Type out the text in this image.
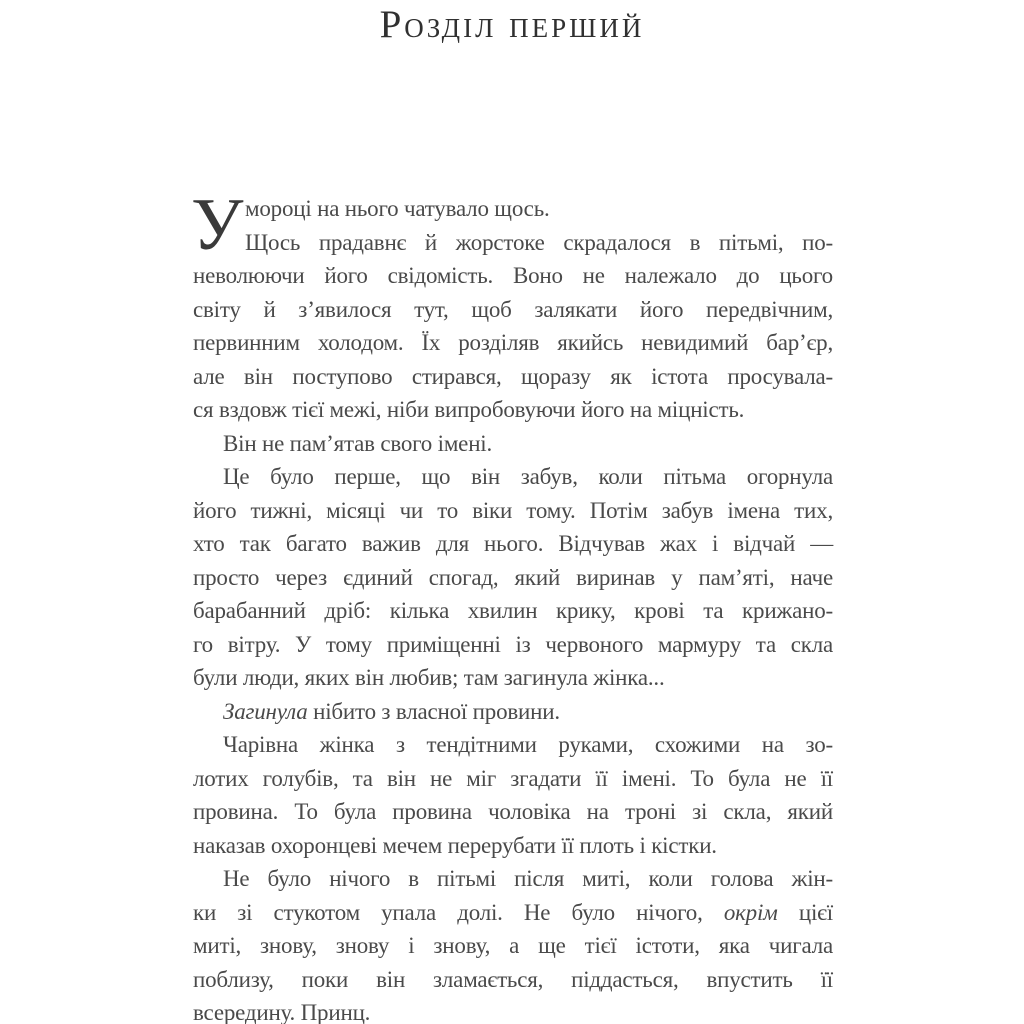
Розділ перший
У мороці на нього чатувало щось.
Щось прадавнє й жорстоке скрадалося в пітьмі, по-
неволюючи його свідомість. Воно не належало до цього
світу й з’явилося тут, щоб залякати його передвічним,
первинним холодом. Їх розділяв якийсь невидимий бар’єр,
але він поступово стирався, щоразу як істота просувала-
ся вздовж тієї межі, ніби випробовуючи його на міцність.
Він не пам’ятав свого імені.
Це було перше, що він забув, коли пітьма огорнула
його тижні, місяці чи то віки тому. Потім забув імена тих,
хто так багато важив для нього. Відчував жах і відчай —
просто через єдиний спогад, який виринав у пам’яті, наче
барабанний дріб: кілька хвилин крику, крові та крижано-
го вітру. У тому приміщенні із червоного мармуру та скла
були люди, яких він любив; там загинула жінка...
Загинула нібито з власної провини.
Чарівна жінка з тендітними руками, схожими на зо-
лотих голубів, та він не міг згадати її імені. То була не її
провина. То була провина чоловіка на троні зі скла, який
наказав охоронцеві мечем перерубати її плоть і кістки.
Не було нічого в пітьмі після миті, коли голова жін-
ки зі стукотом упала долі. Не було нічого, окрім цієї
миті, знову, знову і знову, а ще тієї істоти, яка чигала
поблизу, поки він зламається, піддасться, впустить її
всередину. Принц.
